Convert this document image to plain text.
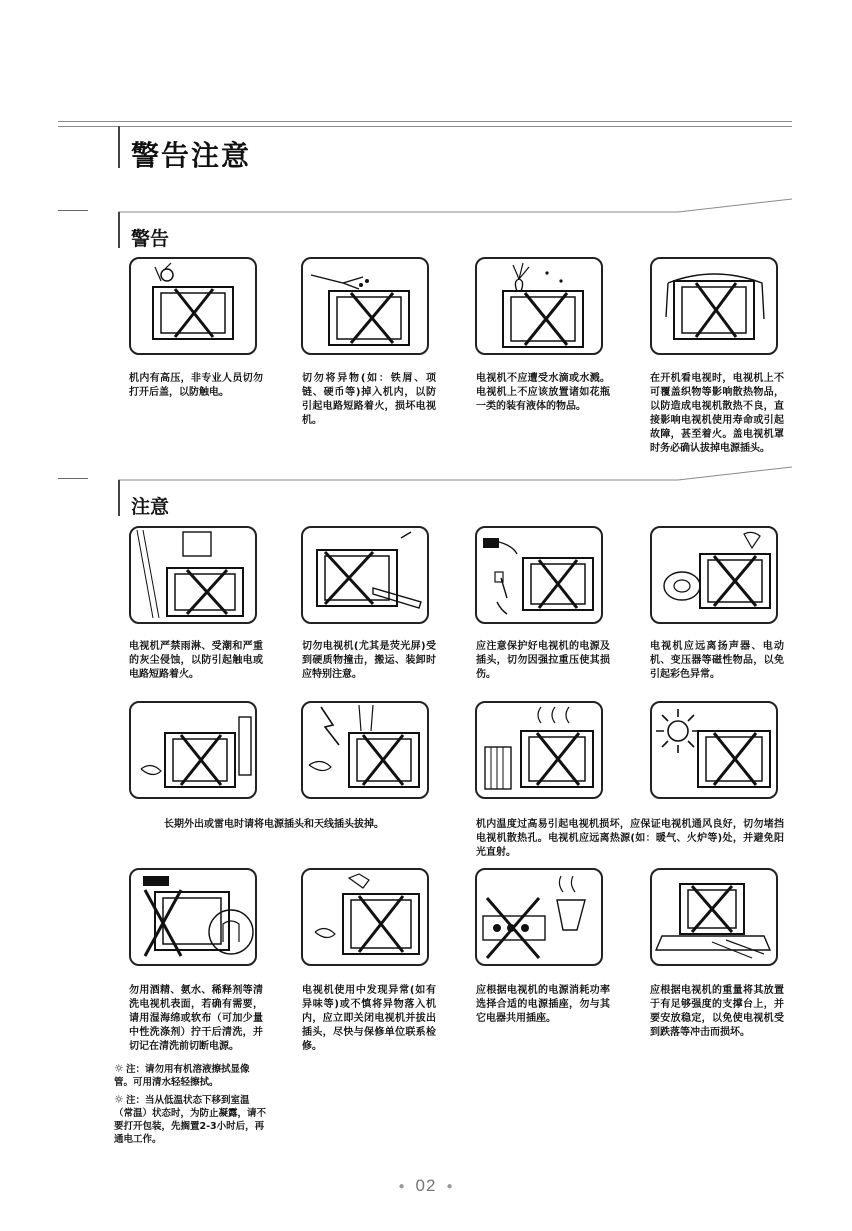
警告注意
警告
注意
机内有高压，非专业人员切勿打开后盖，以防触电。
切勿将异物(如：铁屑、项链、硬币等)掉入机内，以防引起电路短路着火，损坏电视机。
电视机不应遭受水滴或水溅。电视机上不应该放置诸如花瓶一类的装有液体的物品。
在开机看电视时，电视机上不可覆盖织物等影响散热物品，以防造成电视机散热不良，直接影响电视机使用寿命或引起故障，甚至着火。盖电视机罩时务必确认拔掉电源插头。
电视机严禁雨淋、受潮和严重的灰尘侵蚀，以防引起触电或电路短路着火。
切勿电视机(尤其是荧光屏)受到硬质物撞击，搬运、装卸时应特别注意。
应注意保护好电视机的电源及插头，切勿因强拉重压使其损伤。
电视机应远离扬声器、电动机、变压器等磁性物品，以免引起彩色异常。
长期外出或雷电时请将电源插头和天线插头拔掉。	机内温度过高易引起电视机损坏，应保证电视机通风良好，切勿堵挡电视机散热孔。电视机应远离热源(如：暖气、火炉等)处，并避免阳光直射。
勿用酒精、氨水、稀释剂等清洗电视机表面，若确有需要，请用湿海绵或软布（可加少量中性洗涤剂）拧干后清洗，并切记在清洗前切断电源。
电视机使用中发现异常(如有异味等)或不慎将异物落入机内，应立即关闭电视机并拔出插头，尽快与保修单位联系检修。
应根据电视机的电源消耗功率选择合适的电源插座，勿与其它电器共用插座。
应根据电视机的重量将其放置于有足够强度的支撑台上，并要安放稳定，以免使电视机受到跌落等冲击而损坏。
☼ 注：请勿用有机溶液擦拭显像管。可用清水轻轻擦拭。
☼ 注：当从低温状态下移到室温（常温）状态时，为防止凝露，请不要打开包装，先搁置2-3小时后，再通电工作。
● 02 ●
